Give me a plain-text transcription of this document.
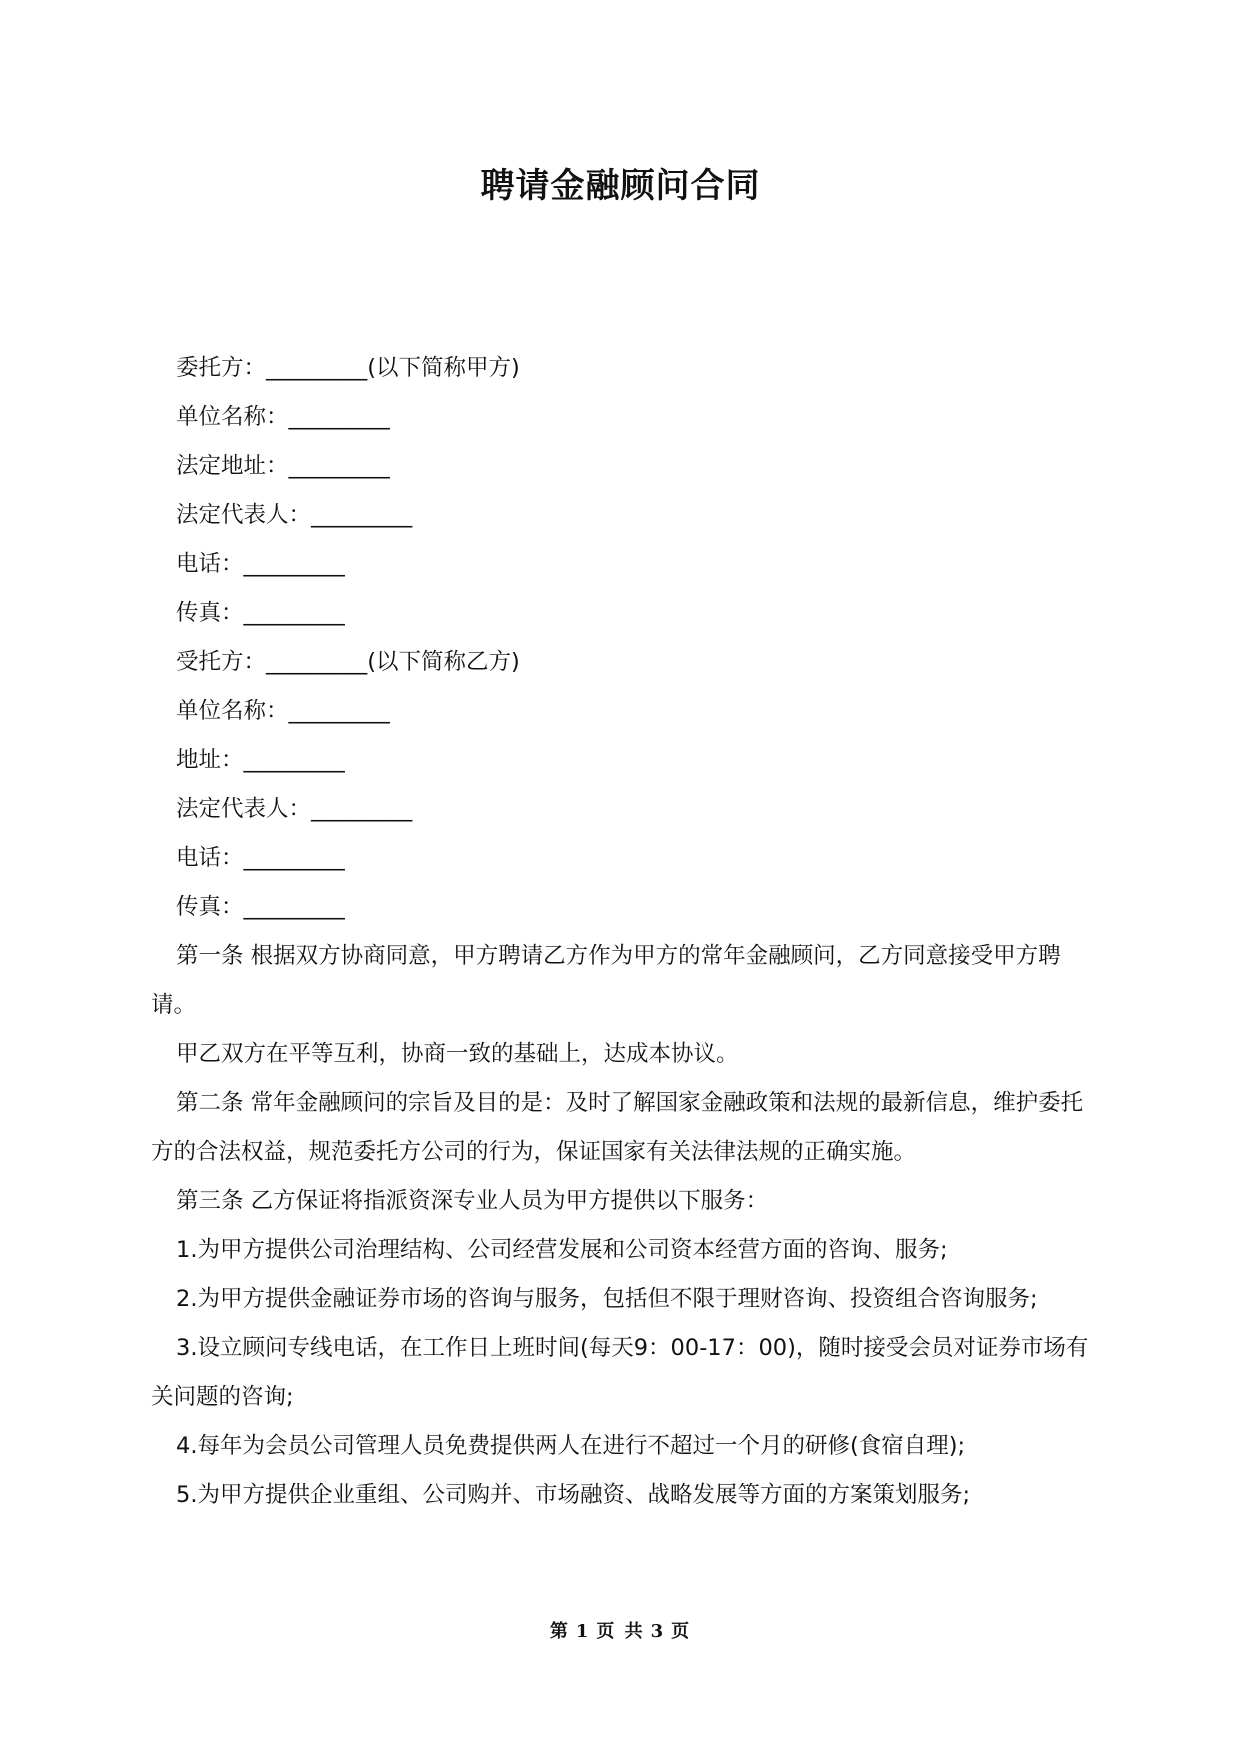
聘请金融顾问合同

委托方：_________(以下简称甲方)

单位名称：_________

法定地址：_________

法定代表人：_________

电话：_________

传真：_________

受托方：_________(以下简称乙方)

单位名称：_________

地址：_________

法定代表人：_________

电话：_________

传真：_________

第一条 根据双方协商同意，甲方聘请乙方作为甲方的常年金融顾问，乙方同意接受甲方聘请。

甲乙双方在平等互利，协商一致的基础上，达成本协议。

第二条 常年金融顾问的宗旨及目的是：及时了解国家金融政策和法规的最新信息，维护委托方的合法权益，规范委托方公司的行为，保证国家有关法律法规的正确实施。

第三条 乙方保证将指派资深专业人员为甲方提供以下服务：

1.为甲方提供公司治理结构、公司经营发展和公司资本经营方面的咨询、服务;

2.为甲方提供金融证券市场的咨询与服务，包括但不限于理财咨询、投资组合咨询服务;

3.设立顾问专线电话，在工作日上班时间(每天9：00-17：00)，随时接受会员对证券市场有关问题的咨询;

4.每年为会员公司管理人员免费提供两人在进行不超过一个月的研修(食宿自理);

5.为甲方提供企业重组、公司购并、市场融资、战略发展等方面的方案策划服务;

第 1 页 共 3 页
